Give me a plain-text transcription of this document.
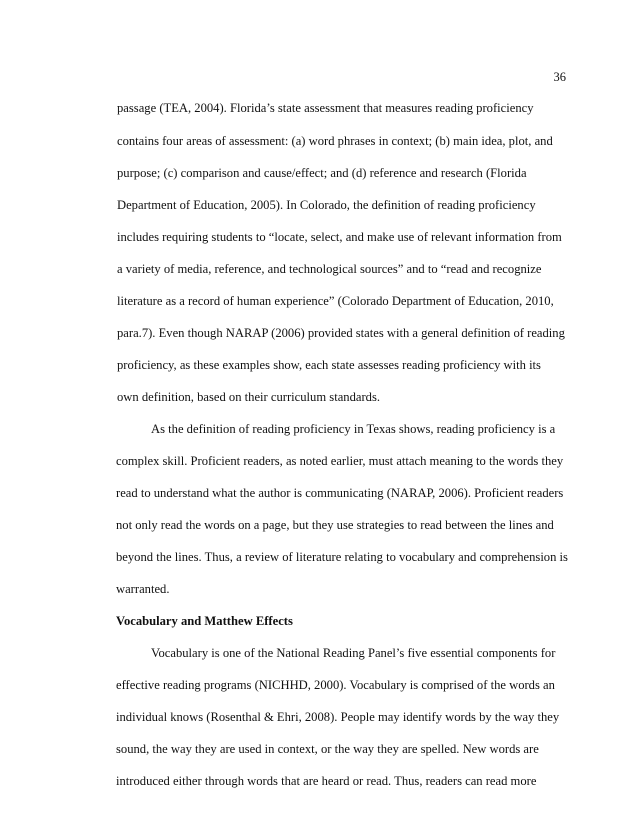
36
passage (TEA, 2004). Florida’s state assessment that measures reading proficiency
contains four areas of assessment: (a) word phrases in context; (b) main idea, plot, and
purpose; (c) comparison and cause/effect; and (d) reference and research (Florida
Department of Education, 2005). In Colorado, the definition of reading proficiency
includes requiring students to “locate, select, and make use of relevant information from
a variety of media, reference, and technological sources” and to “read and recognize
literature as a record of human experience” (Colorado Department of Education, 2010,
para.7). Even though NARAP (2006) provided states with a general definition of reading
proficiency, as these examples show, each state assesses reading proficiency with its
own definition, based on their curriculum standards.
As the definition of reading proficiency in Texas shows, reading proficiency is a
complex skill. Proficient readers, as noted earlier, must attach meaning to the words they
read to understand what the author is communicating (NARAP, 2006). Proficient readers
not only read the words on a page, but they use strategies to read between the lines and
beyond the lines. Thus, a review of literature relating to vocabulary and comprehension is
warranted.
Vocabulary and Matthew Effects
Vocabulary is one of the National Reading Panel’s five essential components for
effective reading programs (NICHHD, 2000). Vocabulary is comprised of the words an
individual knows (Rosenthal & Ehri, 2008). People may identify words by the way they
sound, the way they are used in context, or the way they are spelled. New words are
introduced either through words that are heard or read. Thus, readers can read more
